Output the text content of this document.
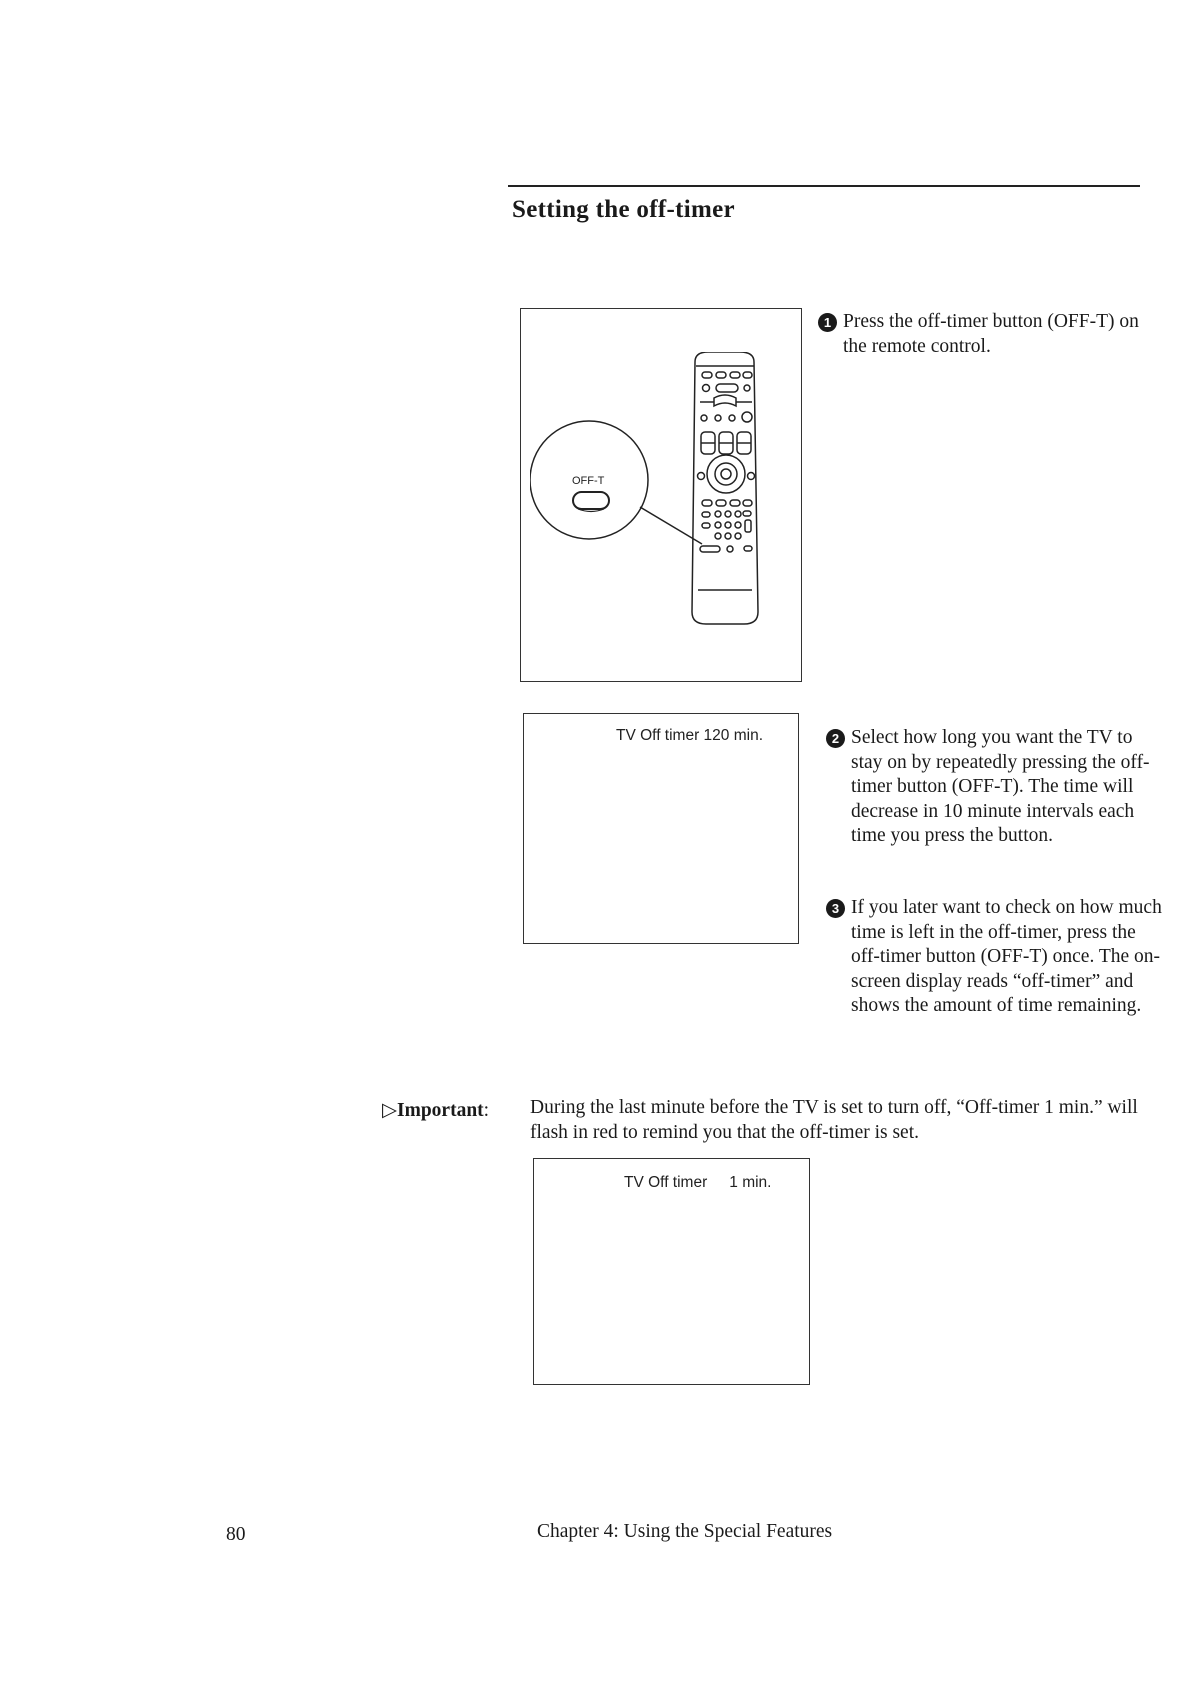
Setting the off-timer
OFF-T
1 Press the off-timer button (OFF-T) on the remote control.
TV Off timer 120 min.	2 Select how long you want the TV to stay on by repeatedly pressing the off-timer button (OFF-T). The time will decrease in 10 minute intervals each time you press the button.
3 If you later want to check on how much time is left in the off-timer, press the off-timer button (OFF-T) once. The on-screen display reads “off-timer” and shows the amount of time remaining.
▷Important: During the last minute before the TV is set to turn off, “Off-timer 1 min.” will flash in red to remind you that the off-timer is set.
TV Off timer 1 min.
80	Chapter 4: Using the Special Features
